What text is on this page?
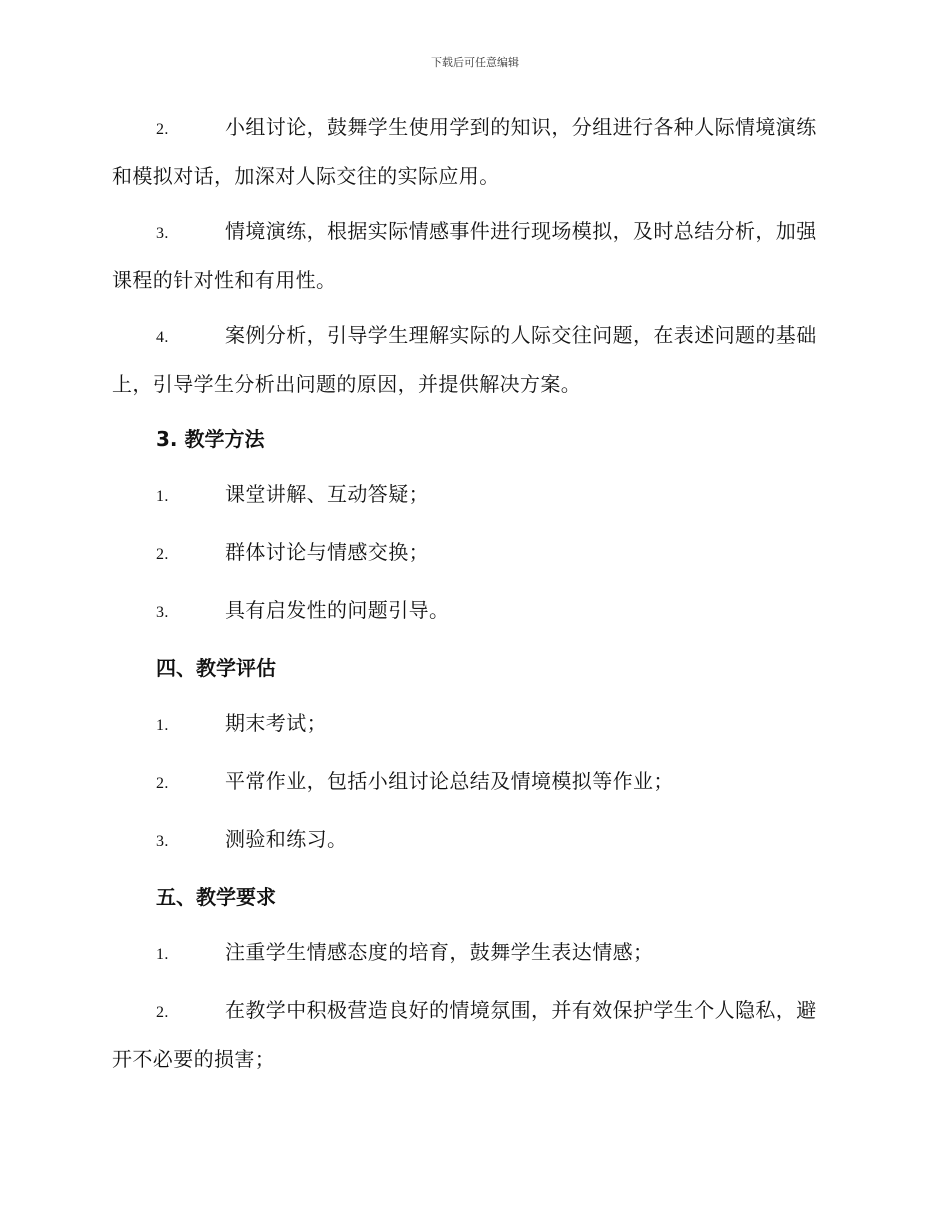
下载后可任意编辑

2.	小组讨论，鼓舞学生使用学到的知识，分组进行各种人际情境演练和模拟对话，加深对人际交往的实际应用。

3.	情境演练，根据实际情感事件进行现场模拟，及时总结分析，加强课程的针对性和有用性。

4.	案例分析，引导学生理解实际的人际交往问题，在表述问题的基础上，引导学生分析出问题的原因，并提供解决方案。

3. 教学方法

1.	课堂讲解、互动答疑；

2.	群体讨论与情感交换；

3.	具有启发性的问题引导。

四、教学评估

1.	期末考试；

2.	平常作业，包括小组讨论总结及情境模拟等作业；

3.	测验和练习。

五、教学要求

1.	注重学生情感态度的培育，鼓舞学生表达情感；

2.	在教学中积极营造良好的情境氛围，并有效保护学生个人隐私，避开不必要的损害；
